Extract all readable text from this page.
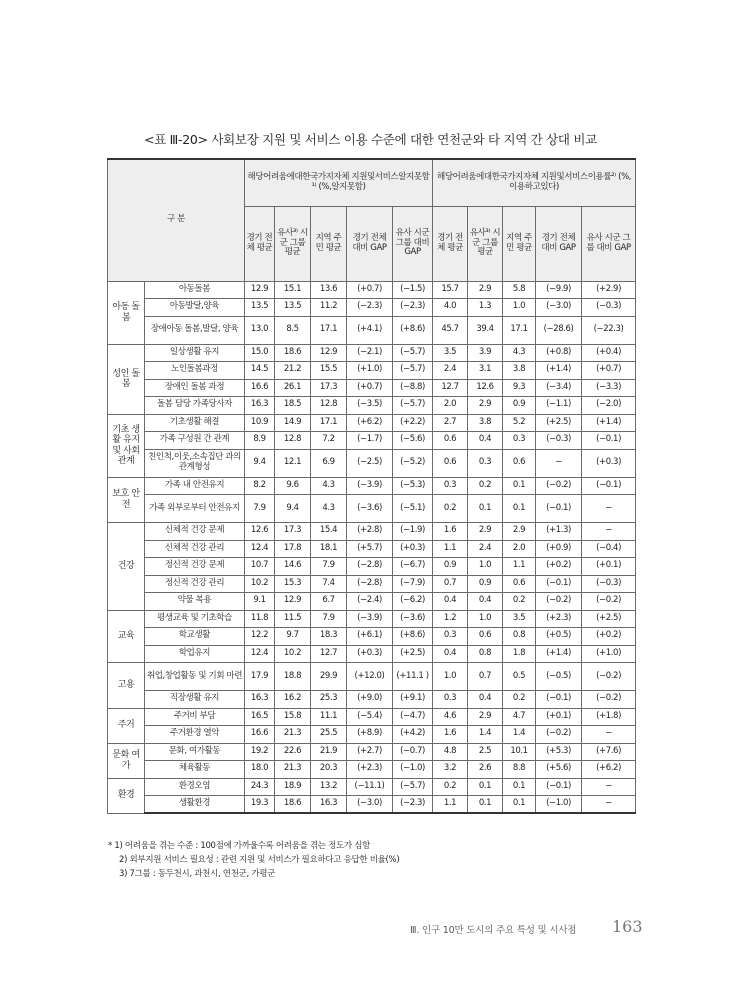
<표 Ⅲ-20> 사회보장 지원 및 서비스 이용 수준에 대한 연천군와 타 지역 간 상대 비교
구 분		해당어려움에대한국가지자체 지원및서비스알지못함¹⁾ (%,알지못함)					해당어려움에대한국가지자체 지원및서비스이용률²⁾ (%,이용하고있다)				
		경기 전체 평균	유사³⁾ 시군 그룹 평균	지역 주민 평균	경기 전체 대비 GAP	유사 시군 그룹 대비 GAP	경기 전체 평균	유사³⁾ 시군 그룹 평균	지역 주민 평균	경기 전체 대비 GAP	유사 시군 그룹 대비 GAP
아동 돌봄	아동돌봄	12.9	15.1	13.6	(+0.7)	(−1.5)	15.7	2.9	5.8	(−9.9)	(+2.9)
	아동발달,양육	13.5	13.5	11.2	(−2.3)	(−2.3)	4.0	1.3	1.0	(−3.0)	(−0.3)
	장애아동 돌봄,발달, 양육	13.0	8.5	17.1	(+4.1)	(+8.6)	45.7	39.4	17.1	(−28.6)	(−22.3)
성인 돌봄	일상생활 유지	15.0	18.6	12.9	(−2.1)	(−5.7)	3.5	3.9	4.3	(+0.8)	(+0.4)
	노인돌봄과정	14.5	21.2	15.5	(+1.0)	(−5.7)	2.4	3.1	3.8	(+1.4)	(+0.7)
	장애인 돌봄 과정	16.6	26.1	17.3	(+0.7)	(−8.8)	12.7	12.6	9.3	(−3.4)	(−3.3)
	돌봄 담당 가족당사자	16.3	18.5	12.8	(−3.5)	(−5.7)	2.0	2.9	0.9	(−1.1)	(−2.0)
기초 생활 유지및 사회 관계	기초생활 해결	10.9	14.9	17.1	(+6.2)	(+2.2)	2.7	3.8	5.2	(+2.5)	(+1.4)
	가족 구성원 간 관계	8.9	12.8	7.2	(−1.7)	(−5.6)	0.6	0.4	0.3	(−0.3)	(−0.1)
	친인척,이웃,소속집단 과의 관계형성	9.4	12.1	6.9	(−2.5)	(−5.2)	0.6	0.3	0.6	−	(+0.3)
보호 안전	가족 내 안전유지	8.2	9.6	4.3	(−3.9)	(−5.3)	0.3	0.2	0.1	(−0.2)	(−0.1)
	가족 외부로부터 안전유지	7.9	9.4	4.3	(−3.6)	(−5.1)	0.2	0.1	0.1	(−0.1)	−
건강	신체적 건강 문제	12.6	17.3	15.4	(+2.8)	(−1.9)	1.6	2.9	2.9	(+1.3)	−
	신체적 건강 관리	12.4	17.8	18.1	(+5.7)	(+0.3)	1.1	2.4	2.0	(+0.9)	(−0.4)
	정신적 건강 문제	10.7	14.6	7.9	(−2.8)	(−6.7)	0.9	1.0	1.1	(+0.2)	(+0.1)
	정신적 건강 관리	10.2	15.3	7.4	(−2.8)	(−7.9)	0.7	0.9	0.6	(−0.1)	(−0.3)
	약물 복용	9.1	12.9	6.7	(−2.4)	(−6.2)	0.4	0.4	0.2	(−0.2)	(−0.2)
교육	평생교육 및 기초학습	11.8	11.5	7.9	(−3.9)	(−3.6)	1.2	1.0	3.5	(+2.3)	(+2.5)
	학교생활	12.2	9.7	18.3	(+6.1)	(+8.6)	0.3	0.6	0.8	(+0.5)	(+0.2)
	학업유지	12.4	10.2	12.7	(+0.3)	(+2.5)	0.4	0.8	1.8	(+1.4)	(+1.0)
고용	취업,창업활동 및 기회 마련	17.9	18.8	29.9	(+12.0)	(+11.1 )	1.0	0.7	0.5	(−0.5)	(−0.2)
	직장생활 유지	16.3	16.2	25.3	(+9.0)	(+9.1)	0.3	0.4	0.2	(−0.1)	(−0.2)
주거	주거비 부담	16.5	15.8	11.1	(−5.4)	(−4.7)	4.6	2.9	4.7	(+0.1)	(+1.8)
	주거환경 열악	16.6	21.3	25.5	(+8.9)	(+4.2)	1.6	1.4	1.4	(−0.2)	−
문화 여가	문화, 여가활동	19.2	22.6	21.9	(+2.7)	(−0.7)	4.8	2.5	10.1	(+5.3)	(+7.6)
	체육활동	18.0	21.3	20.3	(+2.3)	(−1.0)	3.2	2.6	8.8	(+5.6)	(+6.2)
환경	환경오염	24.3	18.9	13.2	(−11.1)	(−5.7)	0.2	0.1	0.1	(−0.1)	−
	생활환경	19.3	18.6	16.3	(−3.0)	(−2.3)	1.1	0.1	0.1	(−1.0)	−
* 1) 어려움을 겪는 수준 : 100점에 가까울수록 어려움을 겪는 정도가 심함
2) 외부지원 서비스 필요성 : 관련 지원 및 서비스가 필요하다고 응답한 비율(%)
3) 7그룹 : 동두천시, 과천시, 연천군, 가평군
Ⅲ. 인구 10만 도시의 주요 특성 및 시사점 163
